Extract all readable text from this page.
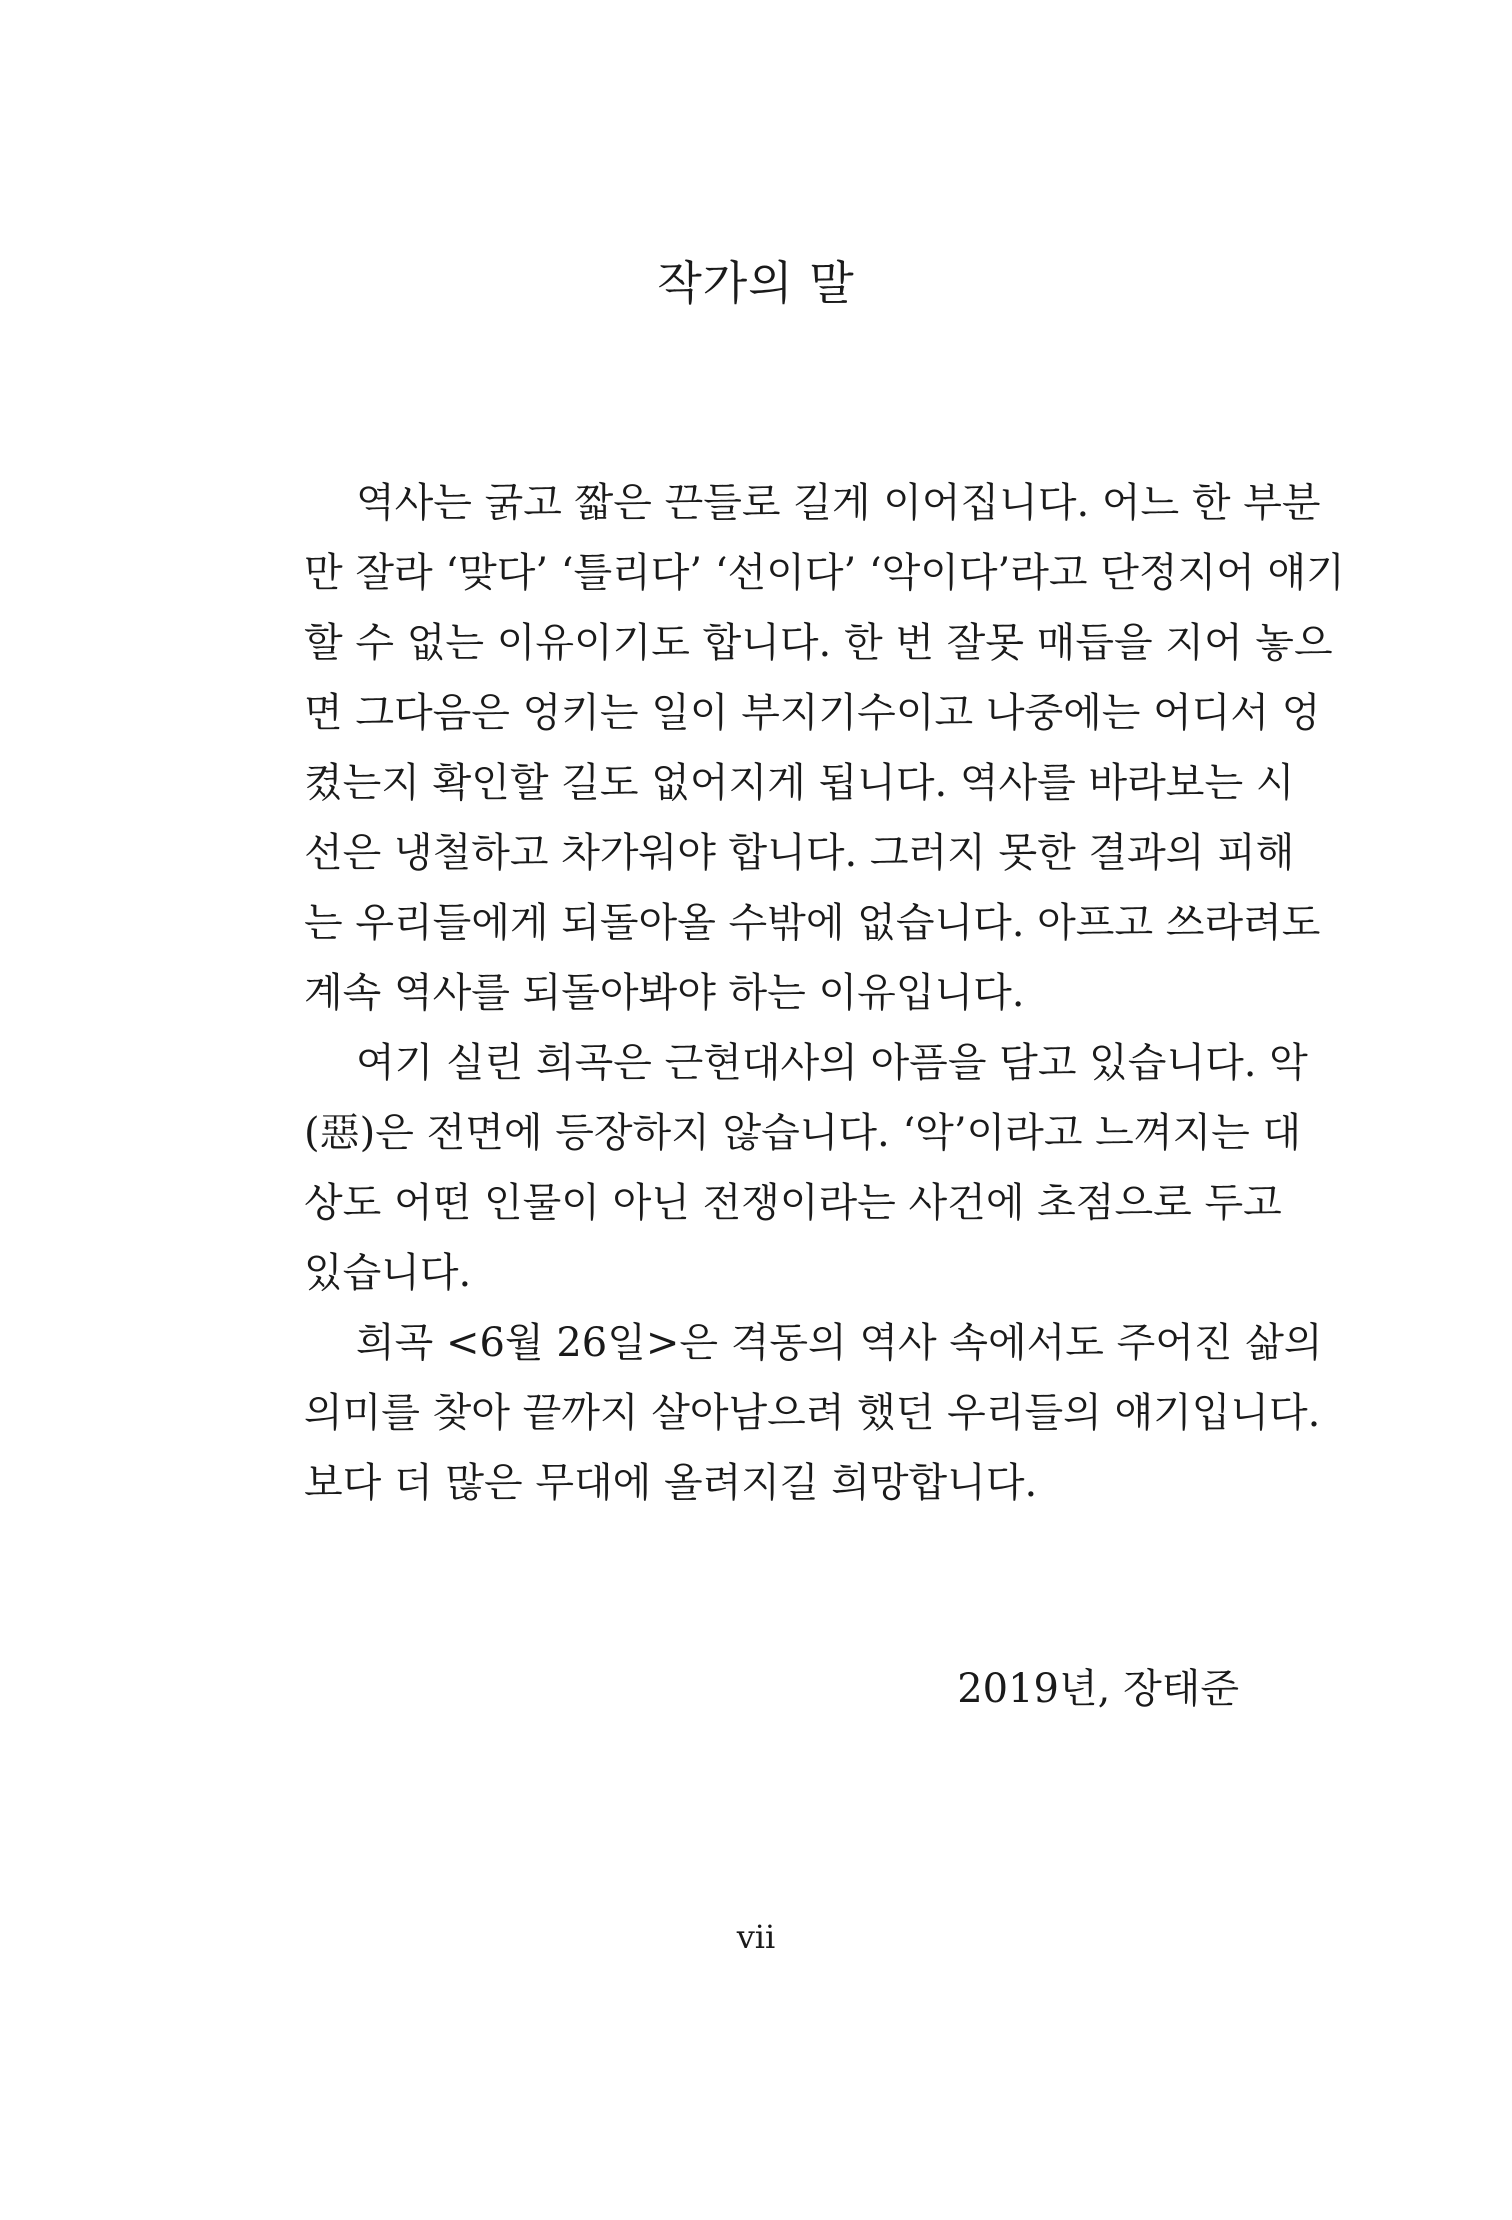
작가의 말
역사는 굵고 짧은 끈들로 길게 이어집니다. 어느 한 부분
만 잘라 ‘맞다’ ‘틀리다’ ‘선이다’ ‘악이다’라고 단정지어 얘기
할 수 없는 이유이기도 합니다. 한 번 잘못 매듭을 지어 놓으
면 그다음은 엉키는 일이 부지기수이고 나중에는 어디서 엉
켰는지 확인할 길도 없어지게 됩니다. 역사를 바라보는 시
선은 냉철하고 차가워야 합니다. 그러지 못한 결과의 피해
는 우리들에게 되돌아올 수밖에 없습니다. 아프고 쓰라려도
계속 역사를 되돌아봐야 하는 이유입니다.
여기 실린 희곡은 근현대사의 아픔을 담고 있습니다. 악
(惡)은 전면에 등장하지 않습니다. ‘악’이라고 느껴지는 대
상도 어떤 인물이 아닌 전쟁이라는 사건에 초점으로 두고
있습니다.
희곡 <6월 26일>은 격동의 역사 속에서도 주어진 삶의
의미를 찾아 끝까지 살아남으려 했던 우리들의 얘기입니다.
보다 더 많은 무대에 올려지길 희망합니다.
2019년, 장태준
vii
